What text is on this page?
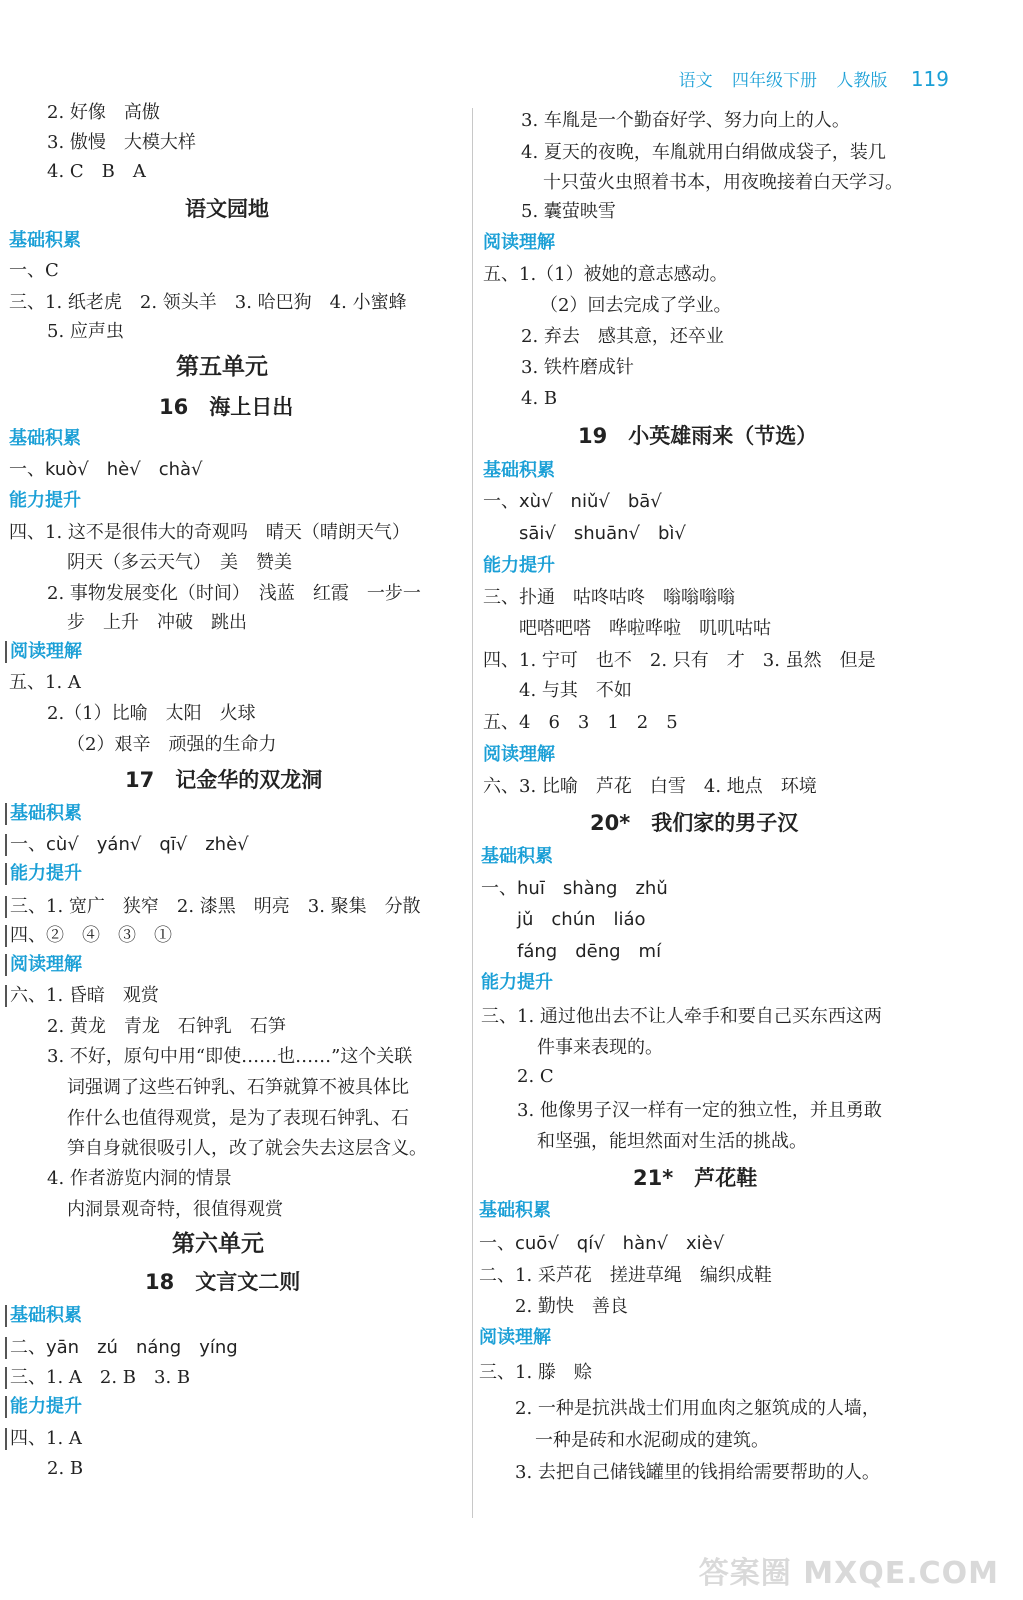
语文 四年级下册 人教版 119
2. 好像　高傲
3. 傲慢　大模大样
4. C　B　A
语文园地
基础积累
一、C
三、1. 纸老虎　2. 领头羊　3. 哈巴狗　4. 小蜜蜂
5. 应声虫
第五单元
16　海上日出
基础积累
一、kuò√　hè√　chà√
能力提升
四、1. 这不是很伟大的奇观吗　晴天（晴朗天气）
阴天（多云天气）　美　赞美
2. 事物发展变化（时间）　浅蓝　红霞　一步一
步　上升　冲破　跳出
阅读理解
五、1. A
2.（1）比喻　太阳　火球
（2）艰辛　顽强的生命力
17　记金华的双龙洞
基础积累
一、cù√　yán√　qī√　zhè√
能力提升
三、1. 宽广　狭窄　2. 漆黑　明亮　3. 聚集　分散
四、②　④　③　①
阅读理解
六、1. 昏暗　观赏
2. 黄龙　青龙　石钟乳　石笋
3. 不好，原句中用“即使……也……”这个关联
词强调了这些石钟乳、石笋就算不被具体比
作什么也值得观赏，是为了表现石钟乳、石
笋自身就很吸引人，改了就会失去这层含义。
4. 作者游览内洞的情景
内洞景观奇特，很值得观赏
第六单元
18　文言文二则
基础积累
二、yān　zú　náng　yíng
三、1. A　2. B　3. B
能力提升
四、1. A
2. B
3. 车胤是一个勤奋好学、努力向上的人。
4. 夏天的夜晚，车胤就用白绢做成袋子，装几
十只萤火虫照着书本，用夜晚接着白天学习。
5. 囊萤映雪
阅读理解
五、1.（1）被她的意志感动。
（2）回去完成了学业。
2. 弃去　感其意，还卒业
3. 铁杵磨成针
4. B
19　小英雄雨来（节选）
基础积累
一、xù√　niǔ√　bā√
sāi√　shuān√　bì√
能力提升
三、扑通　咕咚咕咚　嗡嗡嗡嗡
吧嗒吧嗒　哗啦哗啦　叽叽咕咕
四、1. 宁可　也不　2. 只有　才　3. 虽然　但是
4. 与其　不如
五、4　6　3　1　2　5
阅读理解
六、3. 比喻　芦花　白雪　4. 地点　环境
20*　我们家的男子汉
基础积累
一、huī　shàng　zhǔ
jǔ　chún　liáo
fáng　dēng　mí
能力提升
三、1. 通过他出去不让人牵手和要自己买东西这两
件事来表现的。
2. C
3. 他像男子汉一样有一定的独立性，并且勇敢
和坚强，能坦然面对生活的挑战。
21*　芦花鞋
基础积累
一、cuō√　qí√　hàn√　xiè√
二、1. 采芦花　搓进草绳　编织成鞋
2. 勤快　善良
阅读理解
三、1. 滕　赊
2. 一种是抗洪战士们用血肉之躯筑成的人墙，
一种是砖和水泥砌成的建筑。
3. 去把自己储钱罐里的钱捐给需要帮助的人。
答案圈 MXQE.COM
